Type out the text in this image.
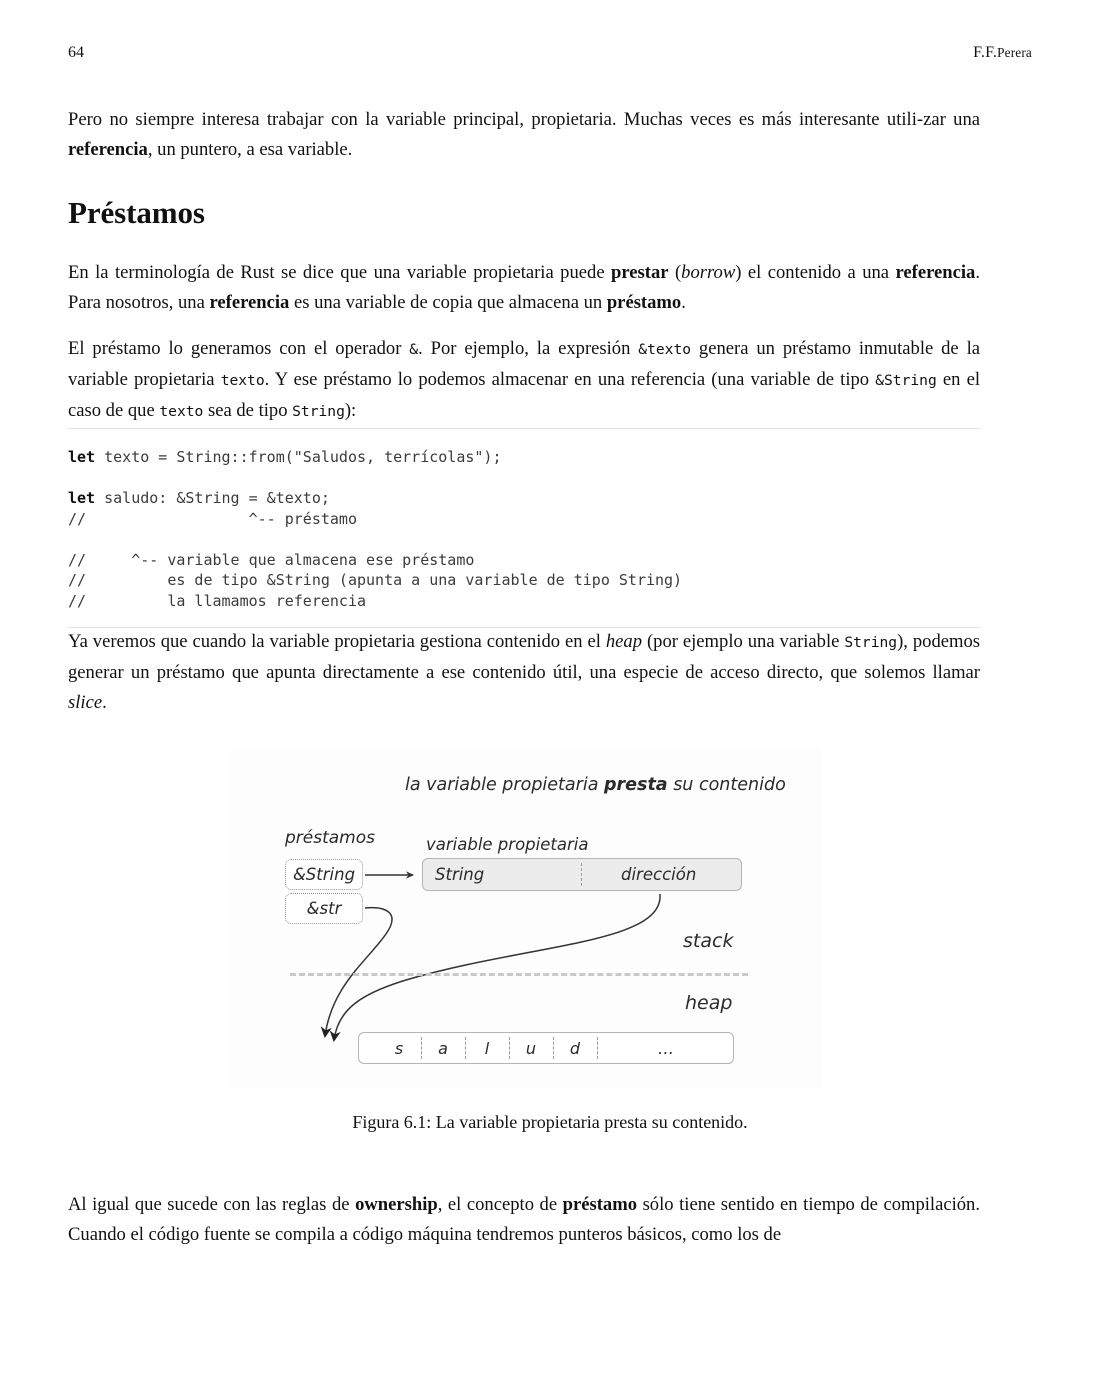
64	F.F.Perera

Pero no siempre interesa trabajar con la variable principal, propietaria. Muchas veces es más interesante utili-zar una referencia, un puntero, a esa variable.

Préstamos

En la terminología de Rust se dice que una variable propietaria puede prestar (borrow) el contenido a una referencia. Para nosotros, una referencia es una variable de copia que almacena un préstamo.

El préstamo lo generamos con el operador &. Por ejemplo, la expresión &texto genera un préstamo inmutable de la variable propietaria texto. Y ese préstamo lo podemos almacenar en una referencia (una variable de tipo &String en el caso de que texto sea de tipo String):

let texto = String::from("Saludos, terrícolas");

let saludo: &String = &texto;
//                  ^-- préstamo

//     ^-- variable que almacena ese préstamo
//         es de tipo &String (apunta a una variable de tipo String)
//         la llamamos referencia

Ya veremos que cuando la variable propietaria gestiona contenido en el heap (por ejemplo una variable String), podemos generar un préstamo que apunta directamente a ese contenido útil, una especie de acceso directo, que solemos llamar slice.

Al igual que sucede con las reglas de ownership, el concepto de préstamo sólo tiene sentido en tiempo de compilación. Cuando el código fuente se compila a código máquina tendremos punteros básicos, como los de

la variable propietaria presta su contenido
préstamos	variable propietaria
&String
&str
String	dirección
stack
heap
s	a	l	u	d	…
Figura 6.1: La variable propietaria presta su contenido.
